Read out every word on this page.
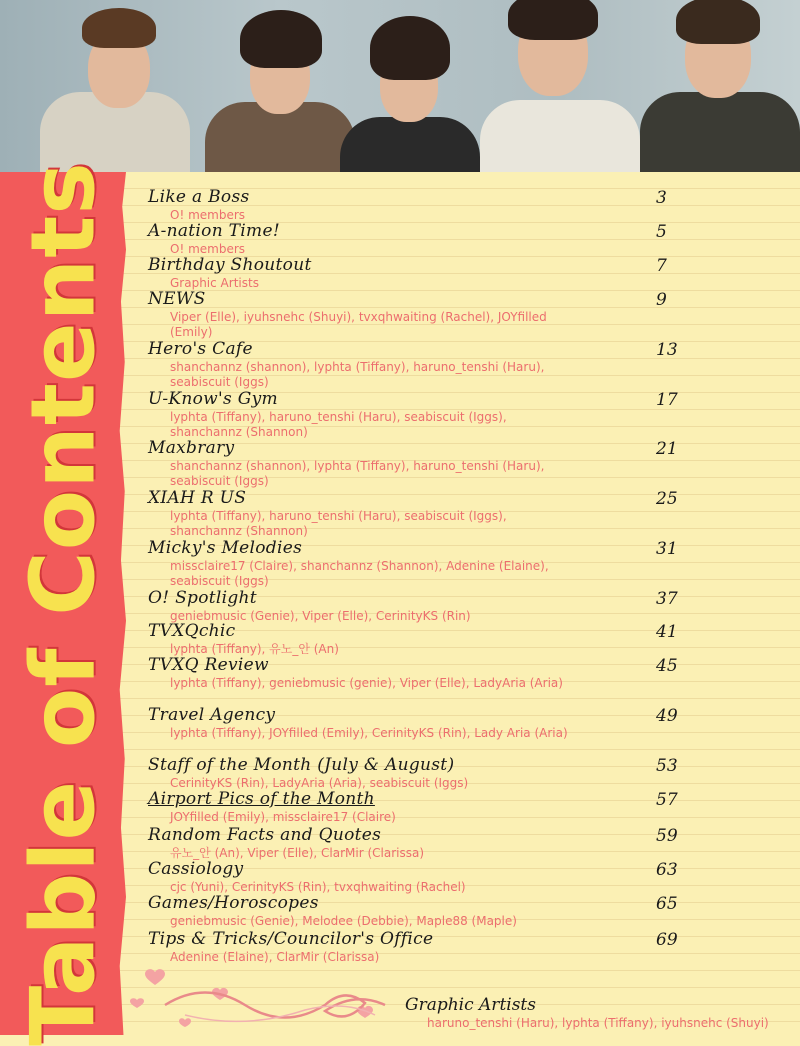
Table of Contents Like a Boss
O! members
3
A-nation Time!
O! members
5
Birthday Shoutout
Graphic Artists
7
NEWS
Viper (Elle), iyuhsnehc (Shuyi), tvxqhwaiting (Rachel), JOYfilled (Emily)
9
Hero's Cafe
shanchannz (shannon), lyphta (Tiffany), haruno_tenshi (Haru), seabiscuit (Iggs)
13
U-Know's Gym
lyphta (Tiffany), haruno_tenshi (Haru), seabiscuit (Iggs), shanchannz (Shannon)
17
Maxbrary
shanchannz (shannon), lyphta (Tiffany), haruno_tenshi (Haru), seabiscuit (Iggs)
21
XIAH R US
lyphta (Tiffany), haruno_tenshi (Haru), seabiscuit (Iggs), shanchannz (Shannon)
25
Micky's Melodies
missclaire17 (Claire), shanchannz (Shannon), Adenine (Elaine), seabiscuit (Iggs)
31
O! Spotlight
geniebmusic (Genie), Viper (Elle), CerinityKS (Rin)
37
TVXQchic
lyphta (Tiffany), 유노_안 (An)
41
TVXQ Review
lyphta (Tiffany), geniebmusic (genie), Viper (Elle), LadyAria (Aria)
45
Travel Agency
lyphta (Tiffany), JOYfilled (Emily), CerinityKS (Rin), Lady Aria (Aria)
49
Staff of the Month (July & August)
CerinityKS (Rin), LadyAria (Aria), seabiscuit (Iggs)
53
Airport Pics of the Month
JOYfilled (Emily), missclaire17 (Claire)
57
Random Facts and Quotes
유노_안 (An), Viper (Elle), ClarMir (Clarissa)
59
Cassiology
cjc (Yuni), CerinityKS (Rin), tvxqhwaiting (Rachel)
63
Games/Horoscopes
geniebmusic (Genie), Melodee (Debbie), Maple88 (Maple)
65
Tips & Tricks/Councilor's Office
Adenine (Elaine), ClarMir (Clarissa)
69
Graphic Artists
haruno_tenshi (Haru), lyphta (Tiffany), iyuhsnehc (Shuyi)
